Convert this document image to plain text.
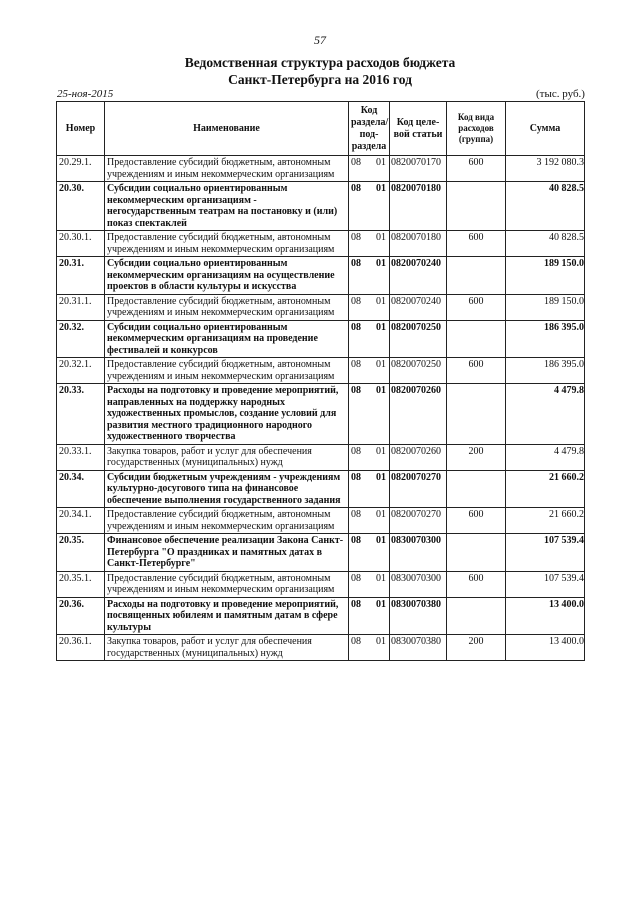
57
Ведомственная структура расходов бюджета
Санкт-Петербурга на 2016 год
25-ноя-2015	(тыс. руб.)
Номер	Наименование	Код раздела/ под- раздела		Код целе- вой статьи	Код вида расходов (группа)	Сумма
20.29.1.	Предоставление субсидий бюджетным, автономным учреждениям и иным некоммерческим организациям	08	01	0820070170	600	3 192 080.3
20.30.	Субсидии социально ориентированным некоммерческим организациям - негосударственным театрам на постановку и (или) показ спектаклей	08	01	0820070180		40 828.5
20.30.1.	Предоставление субсидий бюджетным, автономным учреждениям и иным некоммерческим организациям	08	01	0820070180	600	40 828.5
20.31.	Субсидии социально ориентированным некоммерческим организациям на осуществление проектов в области культуры и искусства	08	01	0820070240		189 150.0
20.31.1.	Предоставление субсидий бюджетным, автономным учреждениям и иным некоммерческим организациям	08	01	0820070240	600	189 150.0
20.32.	Субсидии социально ориентированным некоммерческим организациям на проведение фестивалей и конкурсов	08	01	0820070250		186 395.0
20.32.1.	Предоставление субсидий бюджетным, автономным учреждениям и иным некоммерческим организациям	08	01	0820070250	600	186 395.0
20.33.	Расходы на подготовку и проведение мероприятий, направленных на поддержку народных художественных промыслов, создание условий для развития местного традиционного народного художественного творчества	08	01	0820070260		4 479.8
20.33.1.	Закупка товаров, работ и услуг для обеспечения государственных (муниципальных) нужд	08	01	0820070260	200	4 479.8
20.34.	Субсидии бюджетным учреждениям - учреждениям культурно-досугового типа на финансовое обеспечение выполнения государственного задания	08	01	0820070270		21 660.2
20.34.1.	Предоставление субсидий бюджетным, автономным учреждениям и иным некоммерческим организациям	08	01	0820070270	600	21 660.2
20.35.	Финансовое обеспечение реализации Закона Санкт-Петербурга "О праздниках и памятных датах в Санкт-Петербурге"	08	01	0830070300		107 539.4
20.35.1.	Предоставление субсидий бюджетным, автономным учреждениям и иным некоммерческим организациям	08	01	0830070300	600	107 539.4
20.36.	Расходы на подготовку и проведение мероприятий, посвященных юбилеям и памятным датам в сфере культуры	08	01	0830070380		13 400.0
20.36.1.	Закупка товаров, работ и услуг для обеспечения государственных (муниципальных) нужд	08	01	0830070380	200	13 400.0
